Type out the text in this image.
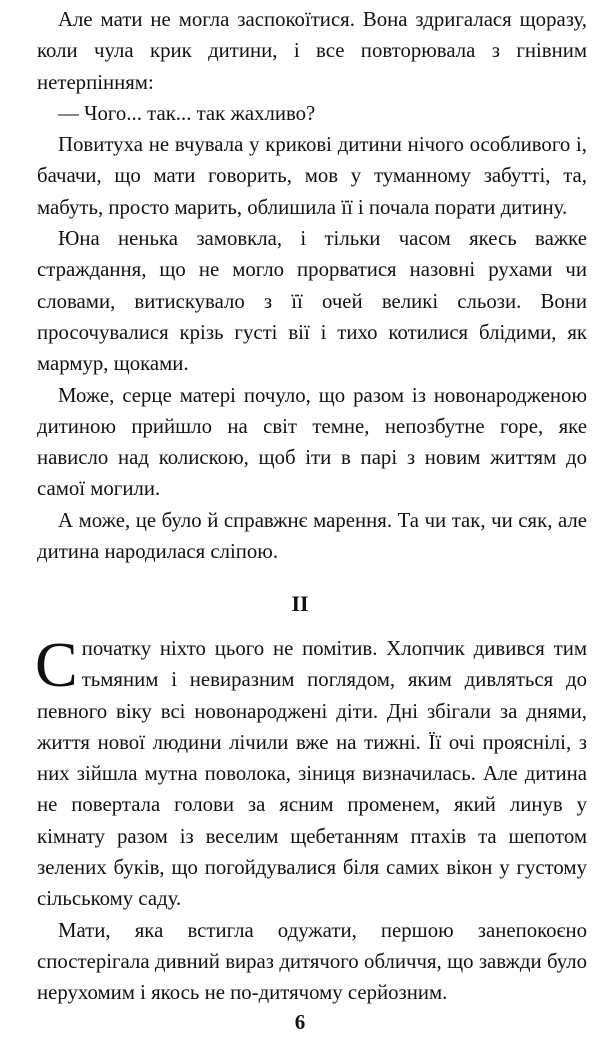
Але мати не могла заспокоїтися. Вона здригалася щоразу, коли чула крик дитини, і все повторювала з гнівним нетерпінням:

— Чого... так... так жахливо?

Повитуха не вчувала у крикові дитини нічого особливого і, бачачи, що мати говорить, мов у туманному забутті, та, мабуть, просто марить, облишила її і почала порати дитину.

Юна ненька замовкла, і тільки часом якесь важке страждання, що не могло прорватися назовні рухами чи словами, витискувало з її очей великі сльози. Вони просочувалися крізь густі вії і тихо котилися блідими, як мармур, щоками.

Може, серце матері почуло, що разом із новонародженою дитиною прийшло на світ темне, непозбутне горе, яке нависло над колискою, щоб іти в парі з новим життям до самої могили.

А може, це було й справжнє марення. Та чи так, чи сяк, але дитина народилася сліпою.

II

Спочатку ніхто цього не помітив. Хлопчик дивився тим тьмяним і невиразним поглядом, яким дивляться до певного віку всі новонароджені діти. Дні збігали за днями, життя нової людини лічили вже на тижні. Її очі прояснілі, з них зійшла мутна поволока, зіниця визначилась. Але дитина не повертала голови за ясним променем, який линув у кімнату разом із веселим щебетанням птахів та шепотом зелених буків, що погойдувалися біля самих вікон у густому сільському саду.

Мати, яка встигла одужати, першою занепокоєно спостерігала дивний вираз дитячого обличчя, що завжди було нерухомим і якось не по-дитячому серйозним.

6
